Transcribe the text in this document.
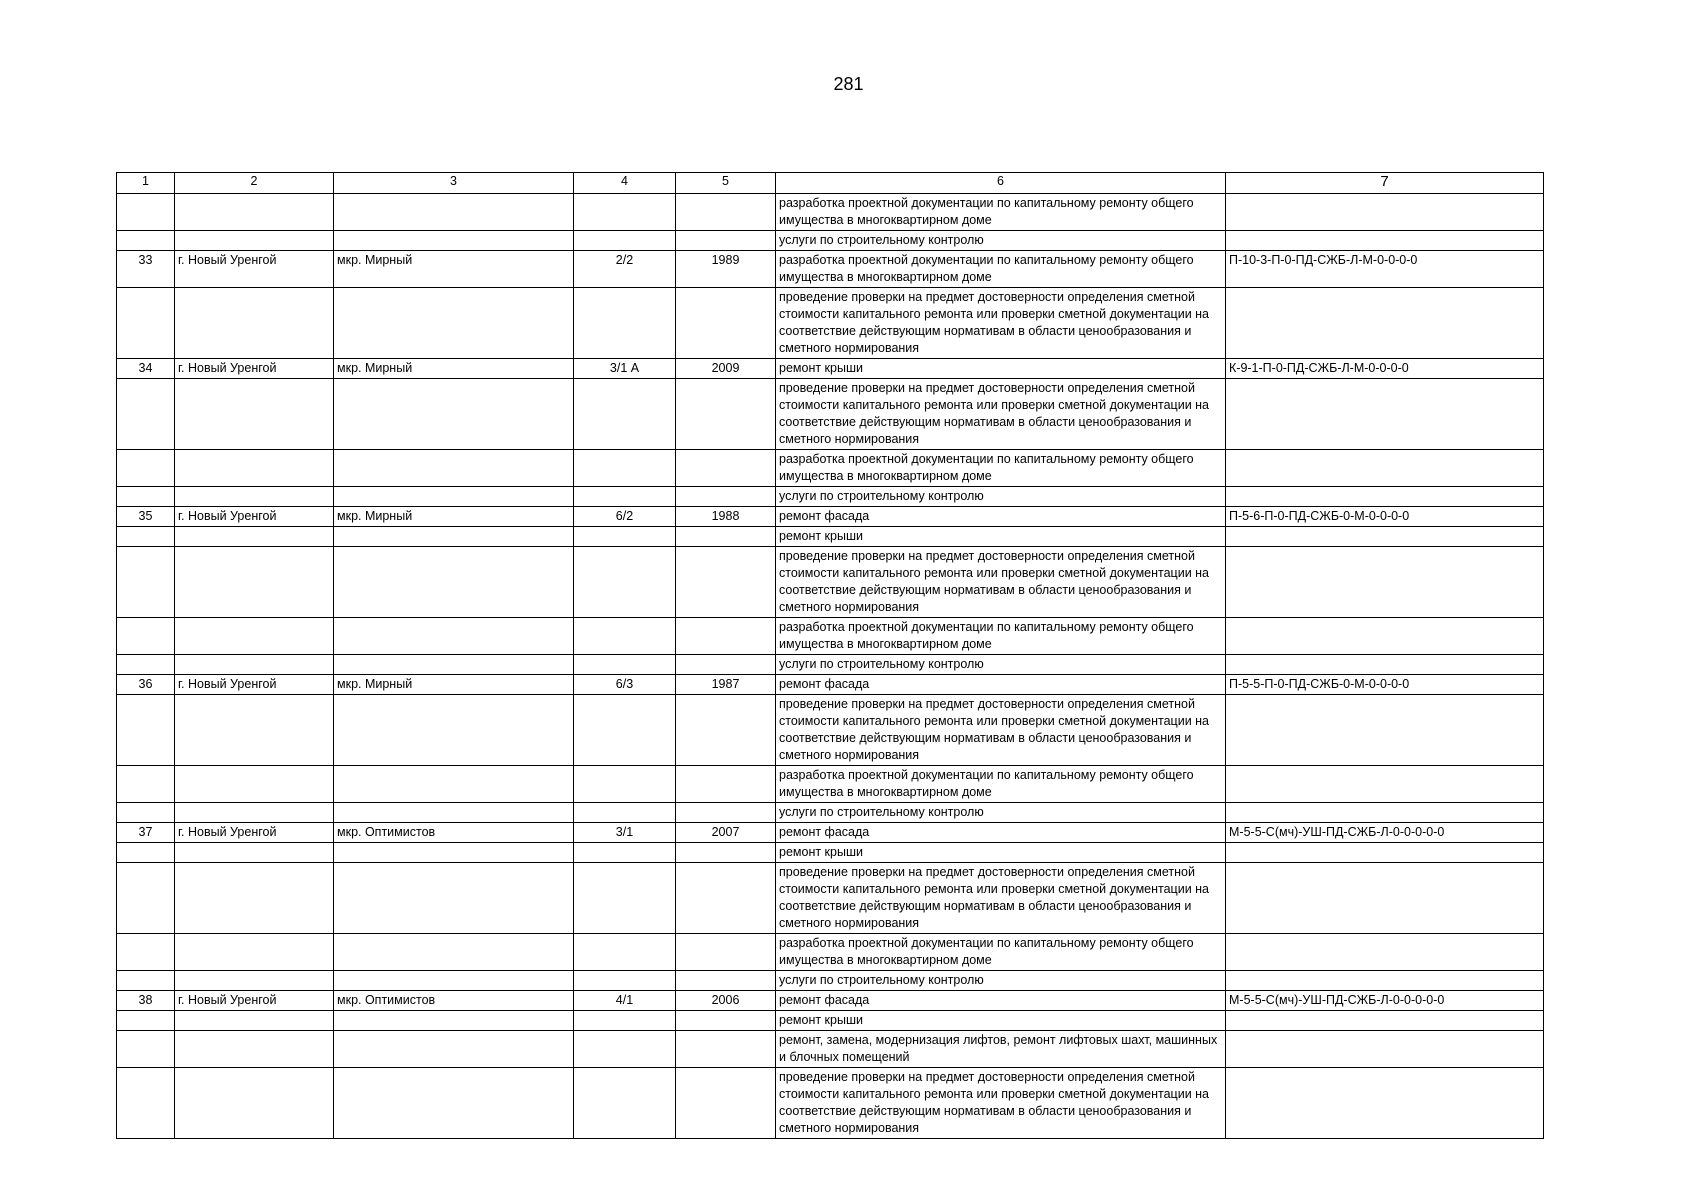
281
1	2	3	4	5	6	7
					разработка проектной документации по капитальному ремонту общего имущества в многоквартирном доме	
					услуги по строительному контролю	
33	г. Новый Уренгой	мкр. Мирный	2/2	1989	разработка проектной документации по капитальному ремонту общего имущества в многоквартирном доме	П-10-3-П-0-ПД-СЖБ-Л-М-0-0-0-0
					проведение проверки на предмет достоверности определения сметной стоимости капитального ремонта или проверки сметной документации на соответствие действующим нормативам в области ценообразования и сметного нормирования	
34	г. Новый Уренгой	мкр. Мирный	3/1 А	2009	ремонт крыши	К-9-1-П-0-ПД-СЖБ-Л-М-0-0-0-0
					проведение проверки на предмет достоверности определения сметной стоимости капитального ремонта или проверки сметной документации на соответствие действующим нормативам в области ценообразования и сметного нормирования	
					разработка проектной документации по капитальному ремонту общего имущества в многоквартирном доме	
					услуги по строительному контролю	
35	г. Новый Уренгой	мкр. Мирный	6/2	1988	ремонт фасада	П-5-6-П-0-ПД-СЖБ-0-М-0-0-0-0
					ремонт крыши	
					проведение проверки на предмет достоверности определения сметной стоимости капитального ремонта или проверки сметной документации на соответствие действующим нормативам в области ценообразования и сметного нормирования	
					разработка проектной документации по капитальному ремонту общего имущества в многоквартирном доме	
					услуги по строительному контролю	
36	г. Новый Уренгой	мкр. Мирный	6/3	1987	ремонт фасада	П-5-5-П-0-ПД-СЖБ-0-М-0-0-0-0
					проведение проверки на предмет достоверности определения сметной стоимости капитального ремонта или проверки сметной документации на соответствие действующим нормативам в области ценообразования и сметного нормирования	
					разработка проектной документации по капитальному ремонту общего имущества в многоквартирном доме	
					услуги по строительному контролю	
37	г. Новый Уренгой	мкр. Оптимистов	3/1	2007	ремонт фасада	М-5-5-С(мч)-УШ-ПД-СЖБ-Л-0-0-0-0-0
					ремонт крыши	
					проведение проверки на предмет достоверности определения сметной стоимости капитального ремонта или проверки сметной документации на соответствие действующим нормативам в области ценообразования и сметного нормирования	
					разработка проектной документации по капитальному ремонту общего имущества в многоквартирном доме	
					услуги по строительному контролю	
38	г. Новый Уренгой	мкр. Оптимистов	4/1	2006	ремонт фасада	М-5-5-С(мч)-УШ-ПД-СЖБ-Л-0-0-0-0-0
					ремонт крыши	
					ремонт, замена, модернизация лифтов, ремонт лифтовых шахт, машинных и блочных помещений	
					проведение проверки на предмет достоверности определения сметной стоимости капитального ремонта или проверки сметной документации на соответствие действующим нормативам в области ценообразования и сметного нормирования	
